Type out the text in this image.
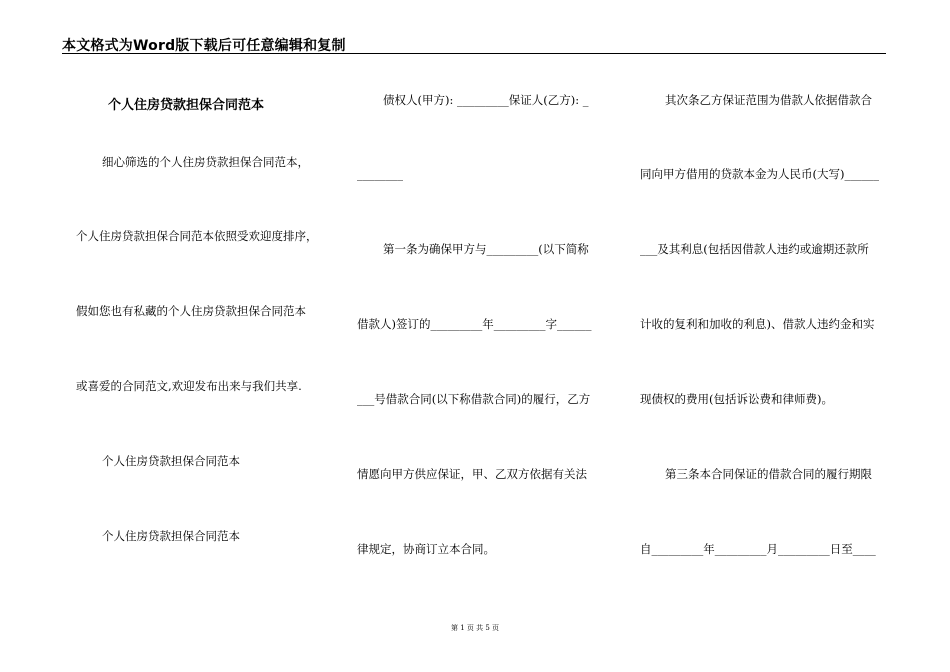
本文格式为Word版下载后可任意编辑和复制
个人住房贷款担保合同范本
细心筛选的个人住房贷款担保合同范本，
个人住房贷款担保合同范本依照受欢迎度排序，
假如您也有私藏的个人住房贷款担保合同范本
或喜爱的合同范文,欢迎发布出来与我们共享.
个人住房贷款担保合同范本
个人住房贷款担保合同范本
债权人(甲方): _________保证人(乙方): _
________
第一条为确保甲方与_________(以下简称
借款人)签订的_________年_________字______
___号借款合同(以下称借款合同)的履行，乙方
情愿向甲方供应保证，甲、乙双方依据有关法
律规定，协商订立本合同。
其次条乙方保证范围为借款人依据借款合
同向甲方借用的贷款本金为人民币(大写)______
___及其利息(包括因借款人违约或逾期还款所
计收的复利和加收的利息)、借款人违约金和实
现债权的费用(包括诉讼费和律师费)。
第三条本合同保证的借款合同的履行期限
自_________年_________月_________日至____
第 1 页 共 5 页
